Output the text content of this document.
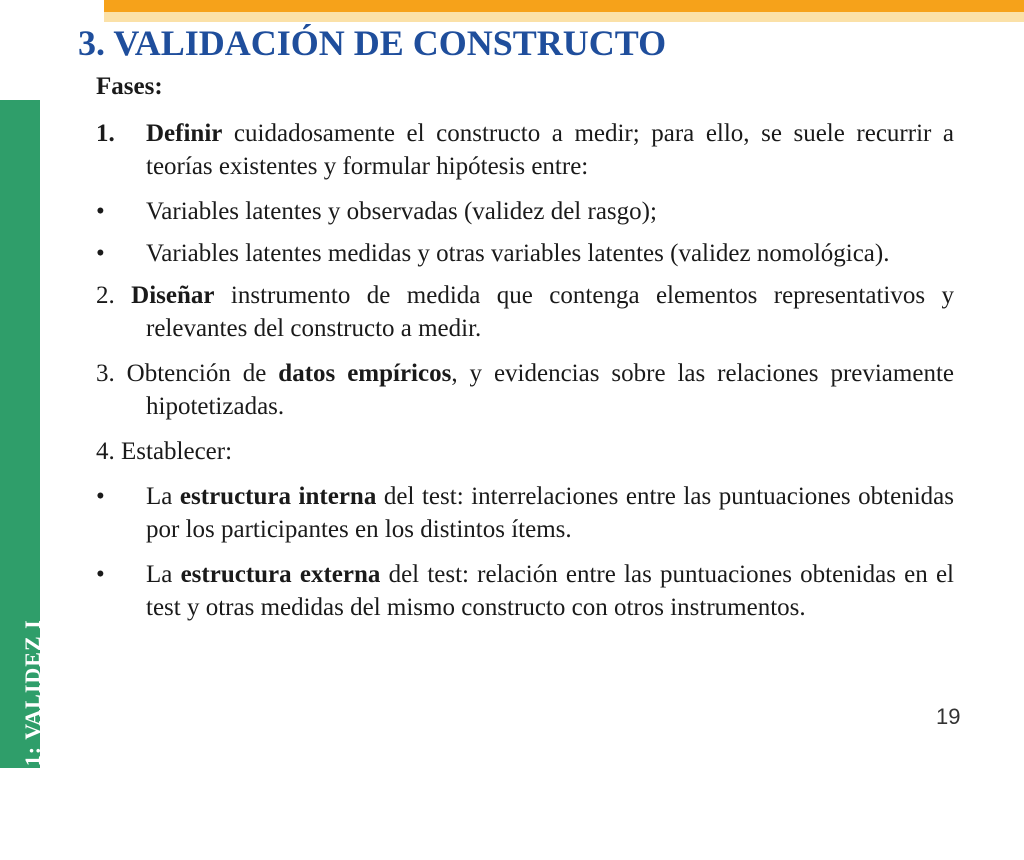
TEMA 6.1: VALIDEZ I
3. VALIDACIÓN DE CONSTRUCTO

Fases:

1.	Definir cuidadosamente el constructo a medir; para ello, se suele recurrir a teorías existentes y formular hipótesis entre:

•	Variables latentes y observadas (validez del rasgo);

•	Variables latentes medidas y otras variables latentes (validez nomológica).

2. Diseñar instrumento de medida que contenga elementos representativos y relevantes del constructo a medir.

3. Obtención de datos empíricos, y evidencias sobre las relaciones previamente hipotetizadas.

4. Establecer:

•	La estructura interna del test: interrelaciones entre las puntuaciones obtenidas por los participantes en los distintos ítems.

•	La estructura externa del test: relación entre las puntuaciones obtenidas en el test y otras medidas del mismo constructo con otros instrumentos.

19
